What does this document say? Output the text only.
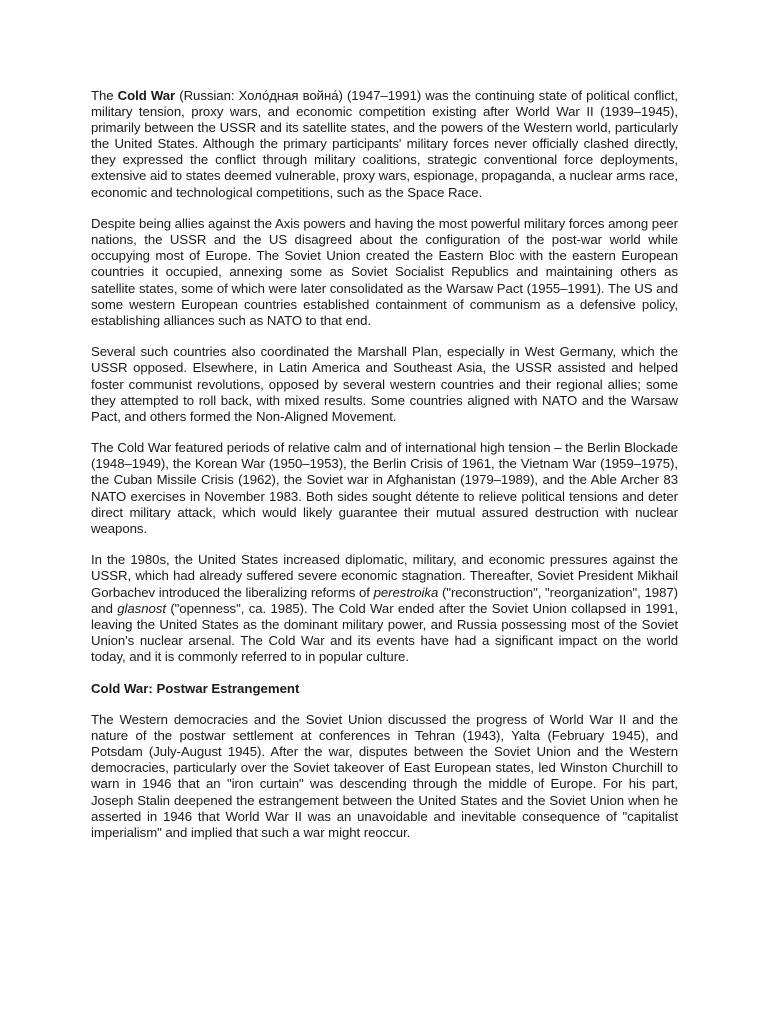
The Cold War (Russian: Холо́дная война́) (1947–1991) was the continuing state of political conflict, military tension, proxy wars, and economic competition existing after World War II (1939–1945), primarily between the USSR and its satellite states, and the powers of the Western world, particularly the United States. Although the primary participants' military forces never officially clashed directly, they expressed the conflict through military coalitions, strategic conventional force deployments, extensive aid to states deemed vulnerable, proxy wars, espionage, propaganda, a nuclear arms race, economic and technological competitions, such as the Space Race.

Despite being allies against the Axis powers and having the most powerful military forces among peer nations, the USSR and the US disagreed about the configuration of the post-war world while occupying most of Europe. The Soviet Union created the Eastern Bloc with the eastern European countries it occupied, annexing some as Soviet Socialist Republics and maintaining others as satellite states, some of which were later consolidated as the Warsaw Pact (1955–1991). The US and some western European countries established containment of communism as a defensive policy, establishing alliances such as NATO to that end.

Several such countries also coordinated the Marshall Plan, especially in West Germany, which the USSR opposed. Elsewhere, in Latin America and Southeast Asia, the USSR assisted and helped foster communist revolutions, opposed by several western countries and their regional allies; some they attempted to roll back, with mixed results. Some countries aligned with NATO and the Warsaw Pact, and others formed the Non-Aligned Movement.

The Cold War featured periods of relative calm and of international high tension – the Berlin Blockade (1948–1949), the Korean War (1950–1953), the Berlin Crisis of 1961, the Vietnam War (1959–1975), the Cuban Missile Crisis (1962), the Soviet war in Afghanistan (1979–1989), and the Able Archer 83 NATO exercises in November 1983. Both sides sought détente to relieve political tensions and deter direct military attack, which would likely guarantee their mutual assured destruction with nuclear weapons.

In the 1980s, the United States increased diplomatic, military, and economic pressures against the USSR, which had already suffered severe economic stagnation. Thereafter, Soviet President Mikhail Gorbachev introduced the liberalizing reforms of perestroika ("reconstruction", "reorganization", 1987) and glasnost ("openness", ca. 1985). The Cold War ended after the Soviet Union collapsed in 1991, leaving the United States as the dominant military power, and Russia possessing most of the Soviet Union's nuclear arsenal. The Cold War and its events have had a significant impact on the world today, and it is commonly referred to in popular culture.

Cold War: Postwar Estrangement

The Western democracies and the Soviet Union discussed the progress of World War II and the nature of the postwar settlement at conferences in Tehran (1943), Yalta (February 1945), and Potsdam (July-August 1945). After the war, disputes between the Soviet Union and the Western democracies, particularly over the Soviet takeover of East European states, led Winston Churchill to warn in 1946 that an "iron curtain" was descending through the middle of Europe. For his part, Joseph Stalin deepened the estrangement between the United States and the Soviet Union when he asserted in 1946 that World War II was an unavoidable and inevitable consequence of "capitalist imperialism" and implied that such a war might reoccur.
